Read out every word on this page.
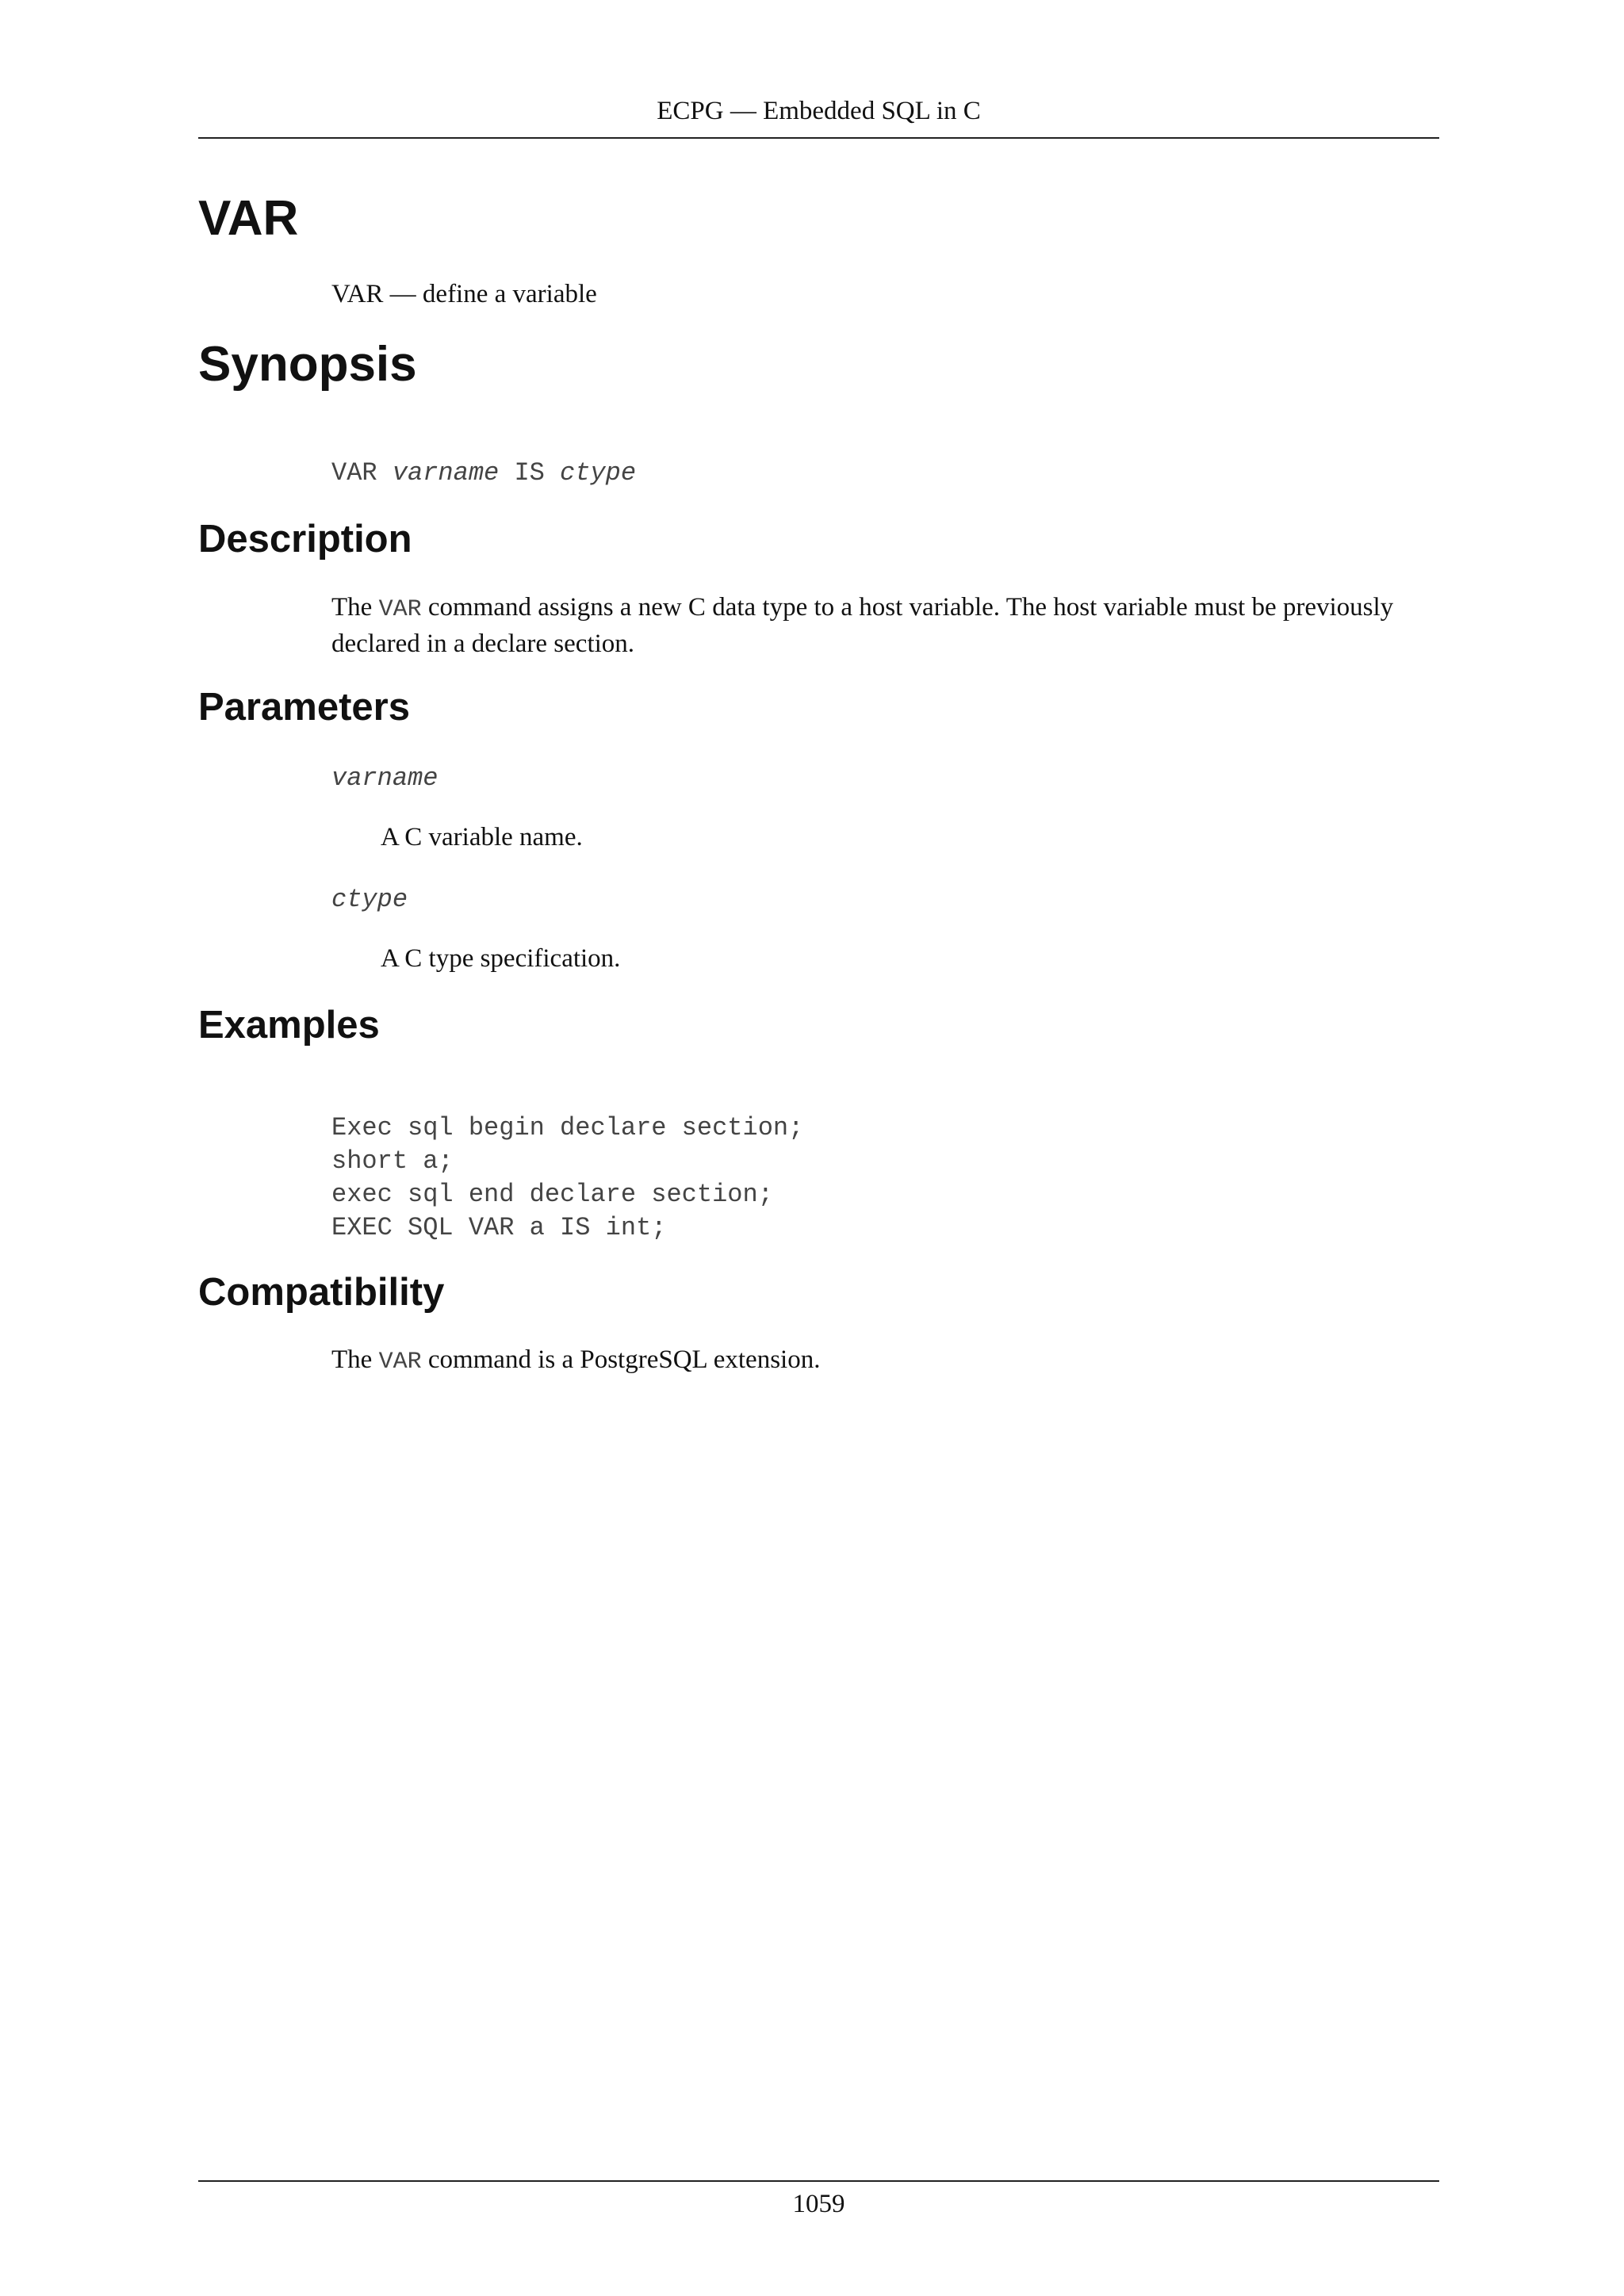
ECPG — Embedded SQL in C
VAR
VAR — define a variable
Synopsis
VAR varname IS ctype
Description
The VAR command assigns a new C data type to a host variable. The host variable must be previously declared in a declare section.
Parameters
varname
A C variable name.
ctype
A C type specification.
Examples
Exec sql begin declare section;
short a;
exec sql end declare section;
EXEC SQL VAR a IS int;
Compatibility
The VAR command is a PostgreSQL extension.
1059
